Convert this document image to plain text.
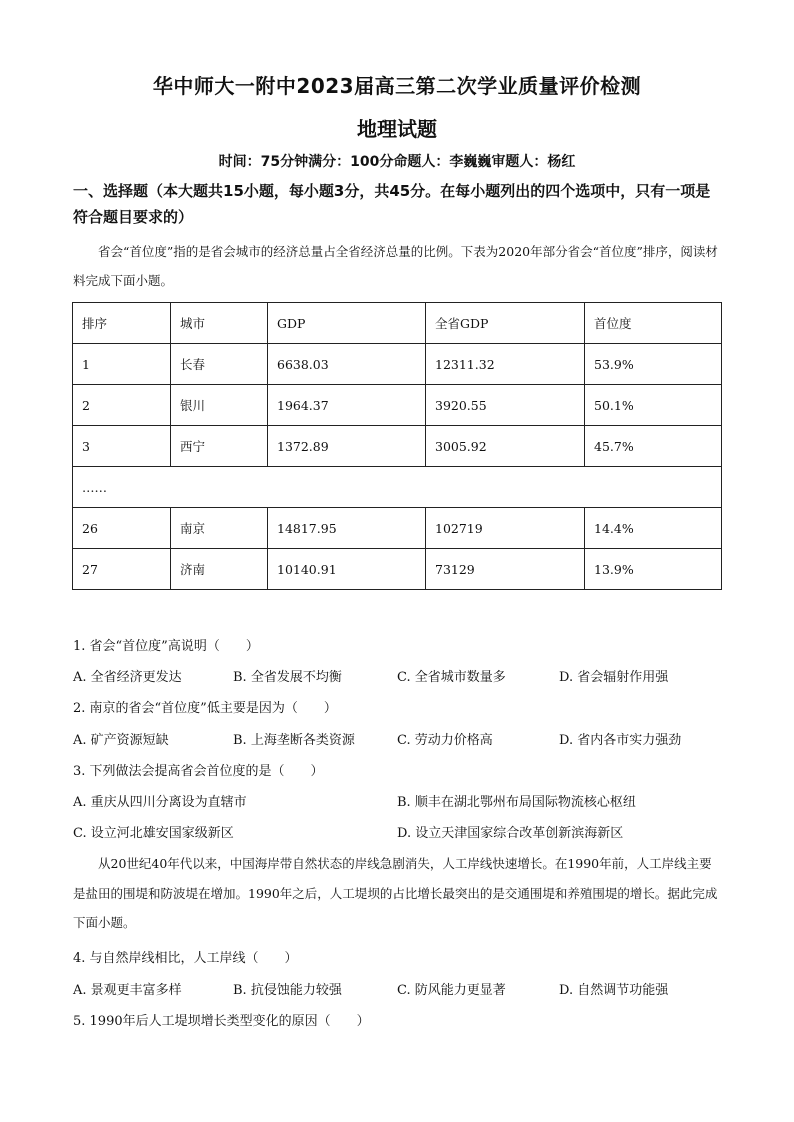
华中师大一附中2023届高三第二次学业质量评价检测
地理试题
时间：75分钟满分：100分命题人：李巍巍审题人：杨红
一、选择题（本大题共15小题，每小题3分，共45分。在每小题列出的四个选项中，只有一项是符合题目要求的）
省会“首位度”指的是省会城市的经济总量占全省经济总量的比例。下表为2020年部分省会“首位度”排序，阅读材料完成下面小题。
排序	城市	GDP	全省GDP	首位度
1	长春	6638.03	12311.32	53.9%
2	银川	1964.37	3920.55	50.1%
3	西宁	1372.89	3005.92	45.7%
……				
26	南京	14817.95	102719	14.4%
27	济南	10140.91	73129	13.9%
1. 省会“首位度”高说明（　　）
A. 全省经济更发达	B. 全省发展不均衡	C. 全省城市数量多	D. 省会辐射作用强
2. 南京的省会“首位度”低主要是因为（　　）
A. 矿产资源短缺	B. 上海垄断各类资源	C. 劳动力价格高	D. 省内各市实力强劲
3. 下列做法会提高省会首位度的是（　　）
A. 重庆从四川分离设为直辖市	B. 顺丰在湖北鄂州布局国际物流核心枢纽
C. 设立河北雄安国家级新区	D. 设立天津国家综合改革创新滨海新区
从20世纪40年代以来，中国海岸带自然状态的岸线急剧消失，人工岸线快速增长。在1990年前，人工岸线主要是盐田的围堤和防波堤在增加。1990年之后，人工堤坝的占比增长最突出的是交通围堤和养殖围堤的增长。据此完成下面小题。
4. 与自然岸线相比，人工岸线（　　）
A. 景观更丰富多样	B. 抗侵蚀能力较强	C. 防风能力更显著	D. 自然调节功能强
5. 1990年后人工堤坝增长类型变化的原因（　　）
